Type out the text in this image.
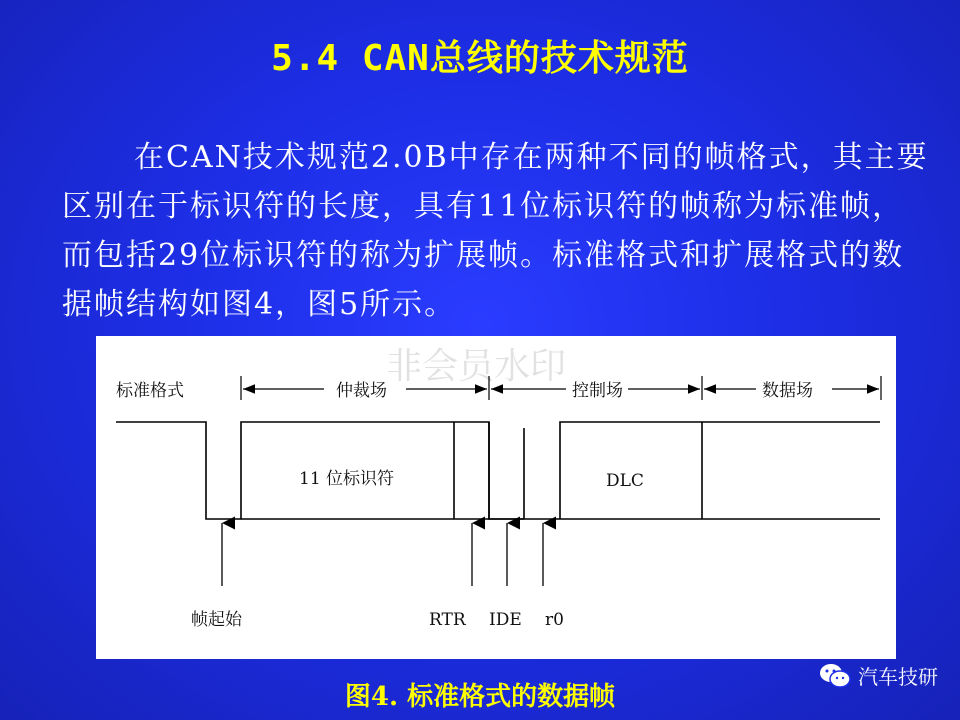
5.4 CAN总线的技术规范
在CAN技术规范2.0B中存在两种不同的帧格式，其主要区别在于标识符的长度，具有11位标识符的帧称为标准帧，而包括29位标识符的称为扩展帧。标准格式和扩展格式的数据帧结构如图4，图5所示。
非会员水印
标准格式	仲裁场	控制场	数据场
11 位标识符	DLC
帧起始	RTR IDE r0
图4. 标准格式的数据帧
汽车技研
